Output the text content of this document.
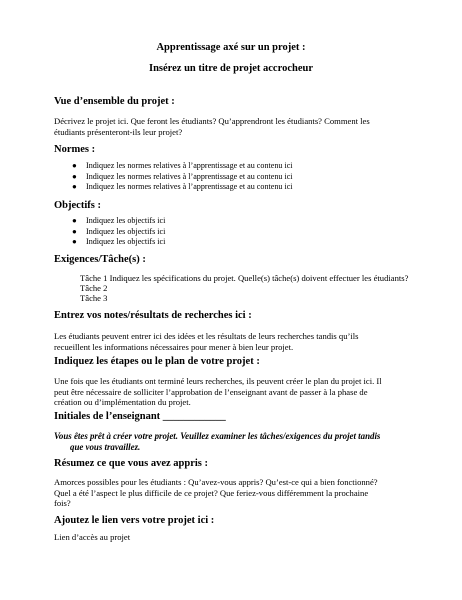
Apprentissage axé sur un projet :
Insérez un titre de projet accrocheur
Vue d’ensemble du projet :
Décrivez le projet ici. Que feront les étudiants? Qu’apprendront les étudiants? Comment les
étudiants présenteront-ils leur projet?
Normes :
● Indiquez les normes relatives à l’apprentissage et au contenu ici
● Indiquez les normes relatives à l’apprentissage et au contenu ici
● Indiquez les normes relatives à l’apprentissage et au contenu ici
Objectifs :
● Indiquez les objectifs ici
● Indiquez les objectifs ici
● Indiquez les objectifs ici
Exigences/Tâche(s) :
Tâche 1 Indiquez les spécifications du projet. Quelle(s) tâche(s) doivent effectuer les étudiants?
Tâche 2
Tâche 3
Entrez vos notes/résultats de recherches ici :
Les étudiants peuvent entrer ici des idées et les résultats de leurs recherches tandis qu’ils
recueillent les informations nécessaires pour mener à bien leur projet.
Indiquez les étapes ou le plan de votre projet :
Une fois que les étudiants ont terminé leurs recherches, ils peuvent créer le plan du projet ici. Il
peut être nécessaire de solliciter l’approbation de l’enseignant avant de passer à la phase de
création ou d’implémentation du projet.
Initiales de l’enseignant ____________
Vous êtes prêt à créer votre projet. Veuillez examiner les tâches/exigences du projet tandis
que vous travaillez.
Résumez ce que vous avez appris :
Amorces possibles pour les étudiants : Qu’avez-vous appris? Qu’est-ce qui a bien fonctionné?
Quel a été l’aspect le plus difficile de ce projet? Que feriez-vous différemment la prochaine
fois?
Ajoutez le lien vers votre projet ici :
Lien d’accès au projet
